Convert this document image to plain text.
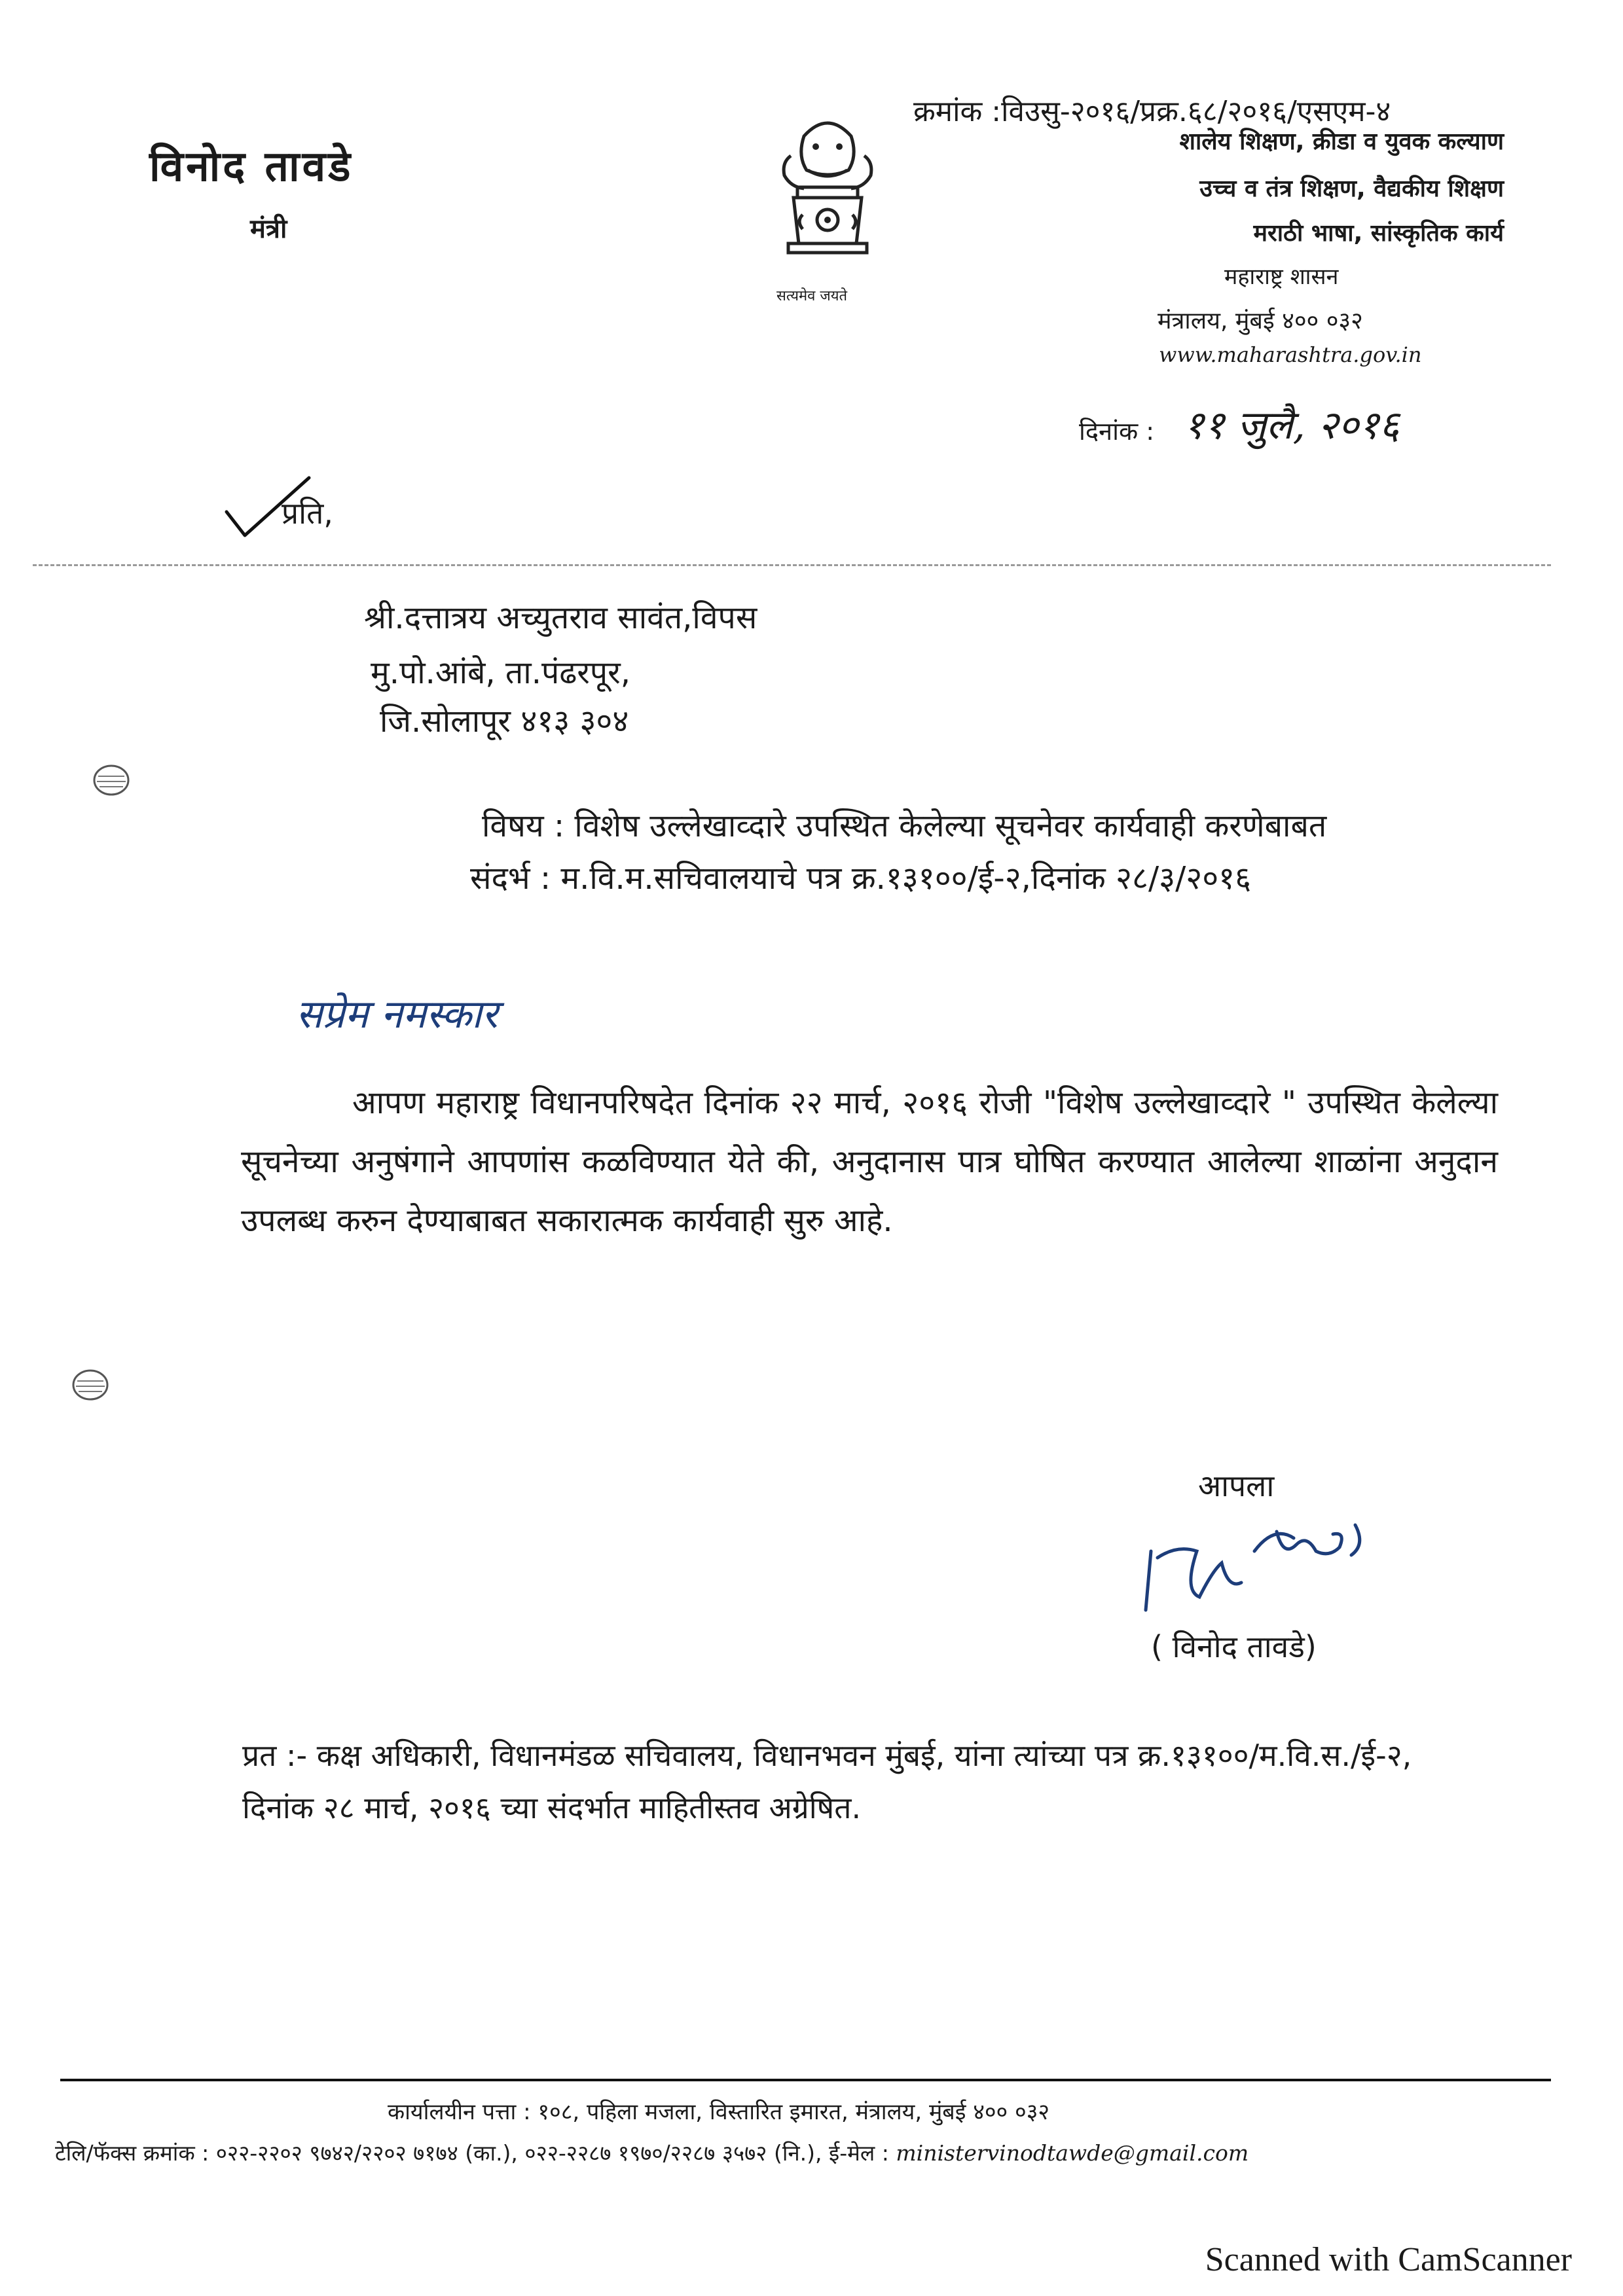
विनोद तावडे
मंत्री
क्रमांक :विउसु-२०१६/प्रक्र.६८/२०१६/एसएम-४
शालेय शिक्षण, क्रीडा व युवक कल्याण
उच्च व तंत्र शिक्षण, वैद्यकीय शिक्षण
मराठी भाषा, सांस्कृतिक कार्य
महाराष्ट्र शासन
मंत्रालय, मुंबई ४०० ०३२
www.maharashtra.gov.in
सत्यमेव जयते
दिनांक : ११ जुलै, २०१६
प्रति,
श्री.दत्तात्रय अच्युतराव सावंत,विपस
मु.पो.आंबे, ता.पंढरपूर,
जि.सोलापूर ४१३ ३०४
विषय : विशेष उल्लेखाव्दारे उपस्थित केलेल्या सूचनेवर कार्यवाही करणेबाबत
संदर्भ : म.वि.म.सचिवालयाचे पत्र क्र.१३१००/ई-२,दिनांक २८/३/२०१६
सप्रेम नमस्कार
आपण महाराष्ट्र विधानपरिषदेत दिनांक २२ मार्च, २०१६ रोजी "विशेष उल्लेखाव्दारे " उपस्थित केलेल्या सूचनेच्या अनुषंगाने आपणांस कळविण्यात येते की, अनुदानास पात्र घोषित करण्यात आलेल्या शाळांना अनुदान उपलब्ध करुन देण्याबाबत सकारात्मक कार्यवाही सुरु आहे.
आपला
( विनोद तावडे)
प्रत :- कक्ष अधिकारी, विधानमंडळ सचिवालय, विधानभवन मुंबई, यांना त्यांच्या पत्र क्र.१३१००/म.वि.स./ई-२, दिनांक २८ मार्च, २०१६ च्या संदर्भात माहितीस्तव अग्रेषित.
कार्यालयीन पत्ता : १०८, पहिला मजला, विस्तारित इमारत, मंत्रालय, मुंबई ४०० ०३२
टेलि/फॅक्स क्रमांक : ०२२-२२०२ ९७४२/२२०२ ७१७४ (का.), ०२२-२२८७ १९७०/२२८७ ३५७२ (नि.), ई-मेल : ministervinodtawde@gmail.com
Scanned with CamScanner
